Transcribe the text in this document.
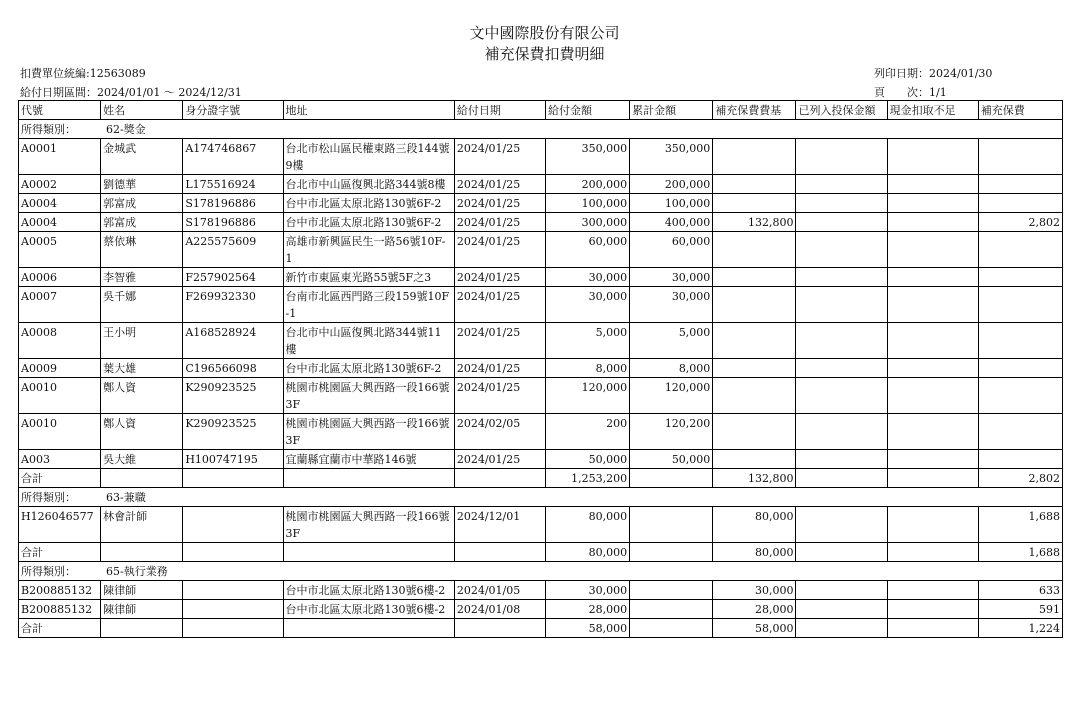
文中國際股份有限公司
補充保費扣費明細
扣費單位統編:12563089	列印日期：2024/01/30
給付日期區間：2024/01/01 ～ 2024/12/31	頁　　次：1/1
代號	姓名	身分證字號	地址	給付日期	給付金額	累計金額	補充保費費基	已列入投保金額	現金扣取不足	補充保費
所得類別： 62-獎金										
A0001	金城武	A174746867	台北市松山區民權東路三段144號9樓	2024/01/25	350,000	350,000				
A0002	劉德華	L175516924	台北市中山區復興北路344號8樓	2024/01/25	200,000	200,000				
A0004	郭富成	S178196886	台中市北區太原北路130號6F-2	2024/01/25	100,000	100,000				
A0004	郭富成	S178196886	台中市北區太原北路130號6F-2	2024/01/25	300,000	400,000	132,800			2,802
A0005	蔡依琳	A225575609	高雄市新興區民生一路56號10F-1	2024/01/25	60,000	60,000				
A0006	李智雅	F257902564	新竹市東區東光路55號5F之3	2024/01/25	30,000	30,000				
A0007	吳千娜	F269932330	台南市北區西門路三段159號10F-1	2024/01/25	30,000	30,000				
A0008	王小明	A168528924	台北市中山區復興北路344號11樓	2024/01/25	5,000	5,000				
A0009	葉大雄	C196566098	台中市北區太原北路130號6F-2	2024/01/25	8,000	8,000				
A0010	鄭人資	K290923525	桃園市桃園區大興西路一段166號3F	2024/01/25	120,000	120,000				
A0010	鄭人資	K290923525	桃園市桃園區大興西路一段166號3F	2024/02/05	200	120,200				
A003	吳大維	H100747195	宜蘭縣宜蘭市中華路146號	2024/01/25	50,000	50,000				
合計					1,253,200		132,800			2,802
所得類別： 63-兼職										
H126046577	林會計師		桃園市桃園區大興西路一段166號3F	2024/12/01	80,000		80,000			1,688
合計					80,000		80,000			1,688
所得類別： 65-執行業務										
B200885132	陳律師		台中市北區太原北路130號6樓-2	2024/01/05	30,000		30,000			633
B200885132	陳律師		台中市北區太原北路130號6樓-2	2024/01/08	28,000		28,000			591
合計					58,000		58,000			1,224
